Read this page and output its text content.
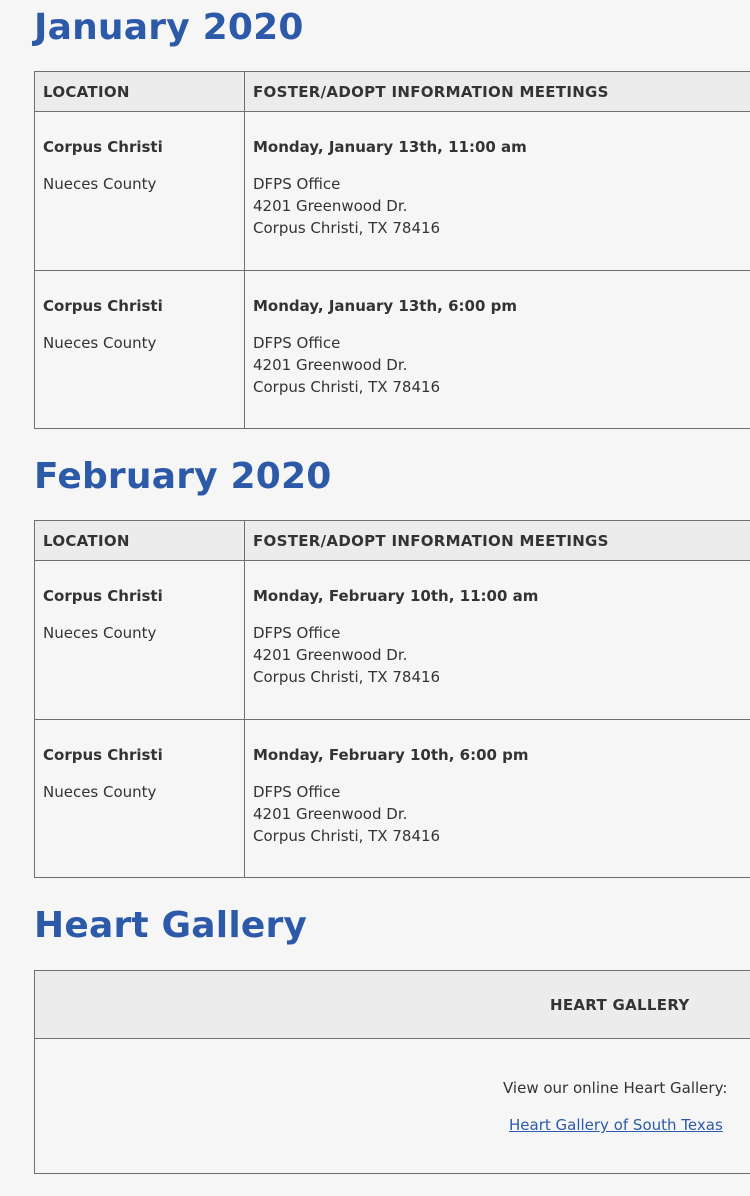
January 2020
LOCATION	FOSTER/ADOPT INFORMATION MEETINGS
Corpus Christi
Nueces County
Monday, January 13th, 11:00 am
DFPS Office
4201 Greenwood Dr.
Corpus Christi, TX 78416
Corpus Christi
Nueces County
Monday, January 13th, 6:00 pm
DFPS Office
4201 Greenwood Dr.
Corpus Christi, TX 78416
February 2020
LOCATION	FOSTER/ADOPT INFORMATION MEETINGS
Corpus Christi
Nueces County
Monday, February 10th, 11:00 am
DFPS Office
4201 Greenwood Dr.
Corpus Christi, TX 78416
Corpus Christi
Nueces County
Monday, February 10th, 6:00 pm
DFPS Office
4201 Greenwood Dr.
Corpus Christi, TX 78416
Heart Gallery
HEART GALLERY
View our online Heart Gallery:
Heart Gallery of South Texas
